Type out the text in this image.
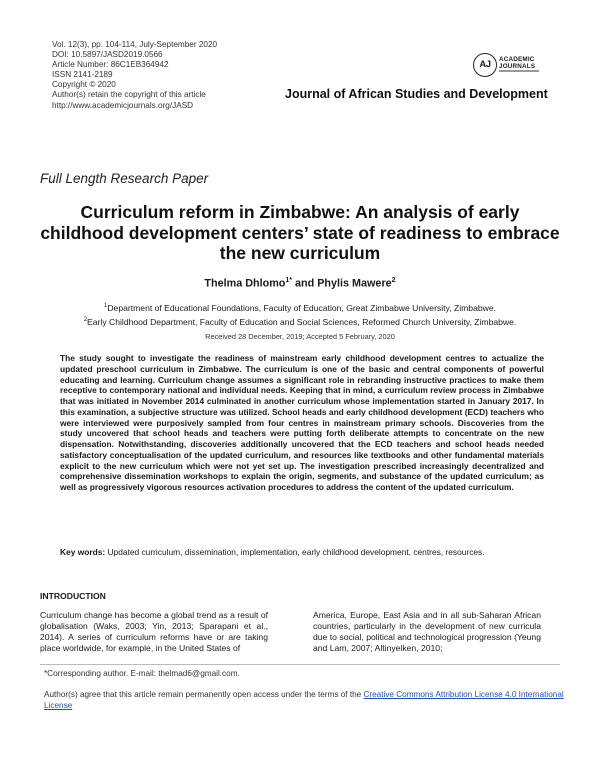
Vol. 12(3), pp. 104-114, July-September 2020
DOI: 10.5897/JASD2019.0566
Article Number: 86C1EB364942
ISSN 2141-2189
Copyright © 2020
Author(s) retain the copyright of this article
http://www.academicjournals.org/JASD
AJ	ACADEMIC
JOURNALS
Journal of African Studies and Development
Full Length Research Paper
Curriculum reform in Zimbabwe: An analysis of early childhood development centers’ state of readiness to embrace the new curriculum
Thelma Dhlomo$^{1*}$ and Phylis Mawere$^2$
$^1$Department of Educational Foundations, Faculty of Education, Great Zimbabwe University, Zimbabwe.
$^2$Early Childhood Department, Faculty of Education and Social Sciences, Reformed Church University, Zimbabwe.
Received 28 December, 2019; Accepted 5 February, 2020
The study sought to investigate the readiness of mainstream early childhood development centres to actualize the updated preschool curriculum in Zimbabwe. The curriculum is one of the basic and central components of powerful educating and learning. Curriculum change assumes a significant role in rebranding instructive practices to make them receptive to contemporary national and individual needs. Keeping that in mind, a curriculum review process in Zimbabwe that was initiated in November 2014 culminated in another curriculum whose implementation started in January 2017. In this examination, a subjective structure was utilized. School heads and early childhood development (ECD) teachers who were interviewed were purposively sampled from four centres in mainstream primary schools. Discoveries from the study uncovered that school heads and teachers were putting forth deliberate attempts to concentrate on the new dispensation. Notwithstanding, discoveries additionally uncovered that the ECD teachers and school heads needed satisfactory conceptualisation of the updated curriculum, and resources like textbooks and other fundamental materials explicit to the new curriculum which were not yet set up. The investigation prescribed increasingly decentralized and comprehensive dissemination workshops to explain the origin, segments, and substance of the updated curriculum; as well as progressively vigorous resources activation procedures to address the content of the updated curriculum.
Key words: Updated curriculum, dissemination, implementation, early childhood development, centres, resources.
INTRODUCTION
Curriculum change has become a global trend as a result of globalisation (Waks, 2003; Yin, 2013; Sparapani et al., 2014). A series of curriculum reforms have or are taking place worldwide, for example, in the United States of
America, Europe, East Asia and in all sub-Saharan African countries, particularly in the development of new curricula due to social, political and technological progression (Yeung and Lam, 2007; Altinyelken, 2010;
*Corresponding author. E-mail: thelmad6@gmail.com.
Author(s) agree that this article remain permanently open access under the terms of the Creative Commons Attribution License 4.0 International License
